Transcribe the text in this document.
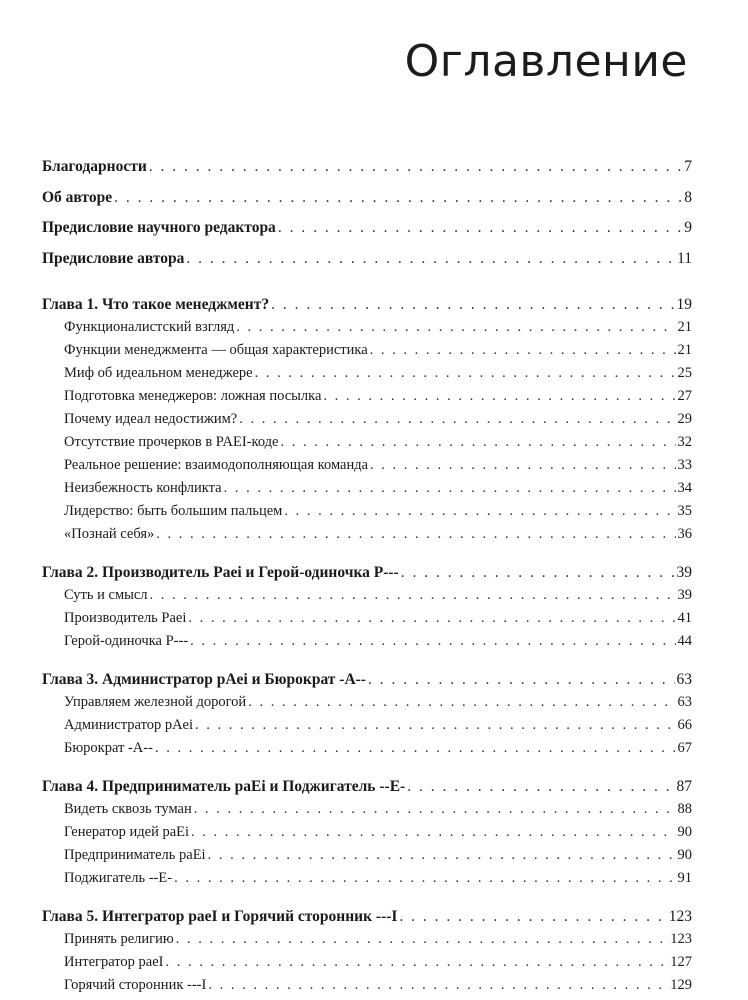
Оглавление
Благодарности . . .	7
Об авторе . . .	8
Предисловие научного редактора . . .	9
Предисловие автора . . .	11
Глава 1. Что такое менеджмент? . . .	19
Функционалистский взгляд . . .	21
Функции менеджмента — общая характеристика . . .	21
Миф об идеальном менеджере . . .	25
Подготовка менеджеров: ложная посылка . . .	27
Почему идеал недостижим? . . .	29
Отсутствие прочерков в PAEI-коде . . .	32
Реальное решение: взаимодополняющая команда . . .	33
Неизбежность конфликта . . .	34
Лидерство: быть большим пальцем . . .	35
«Познай себя» . . .	36
Глава 2. Производитель Paei и Герой-одиночка P--- . . .	39
Суть и смысл . . .	39
Производитель Paei . . .	41
Герой-одиночка P--- . . .	44
Глава 3. Администратор pAei и Бюрократ -A-- . . .	63
Управляем железной дорогой . . .	63
Администратор pAei . . .	66
Бюрократ -A-- . . .	67
Глава 4. Предприниматель paEi и Поджигатель --E- . . .	87
Видеть сквозь туман . . .	88
Генератор идей paEi . . .	90
Предприниматель paEi . . .	90
Поджигатель --E- . . .	91
Глава 5. Интегратор paeI и Горячий сторонник ---I . . .	123
Принять религию . . .	123
Интегратор paeI . . .	127
Горячий сторонник ---I . . .	129
